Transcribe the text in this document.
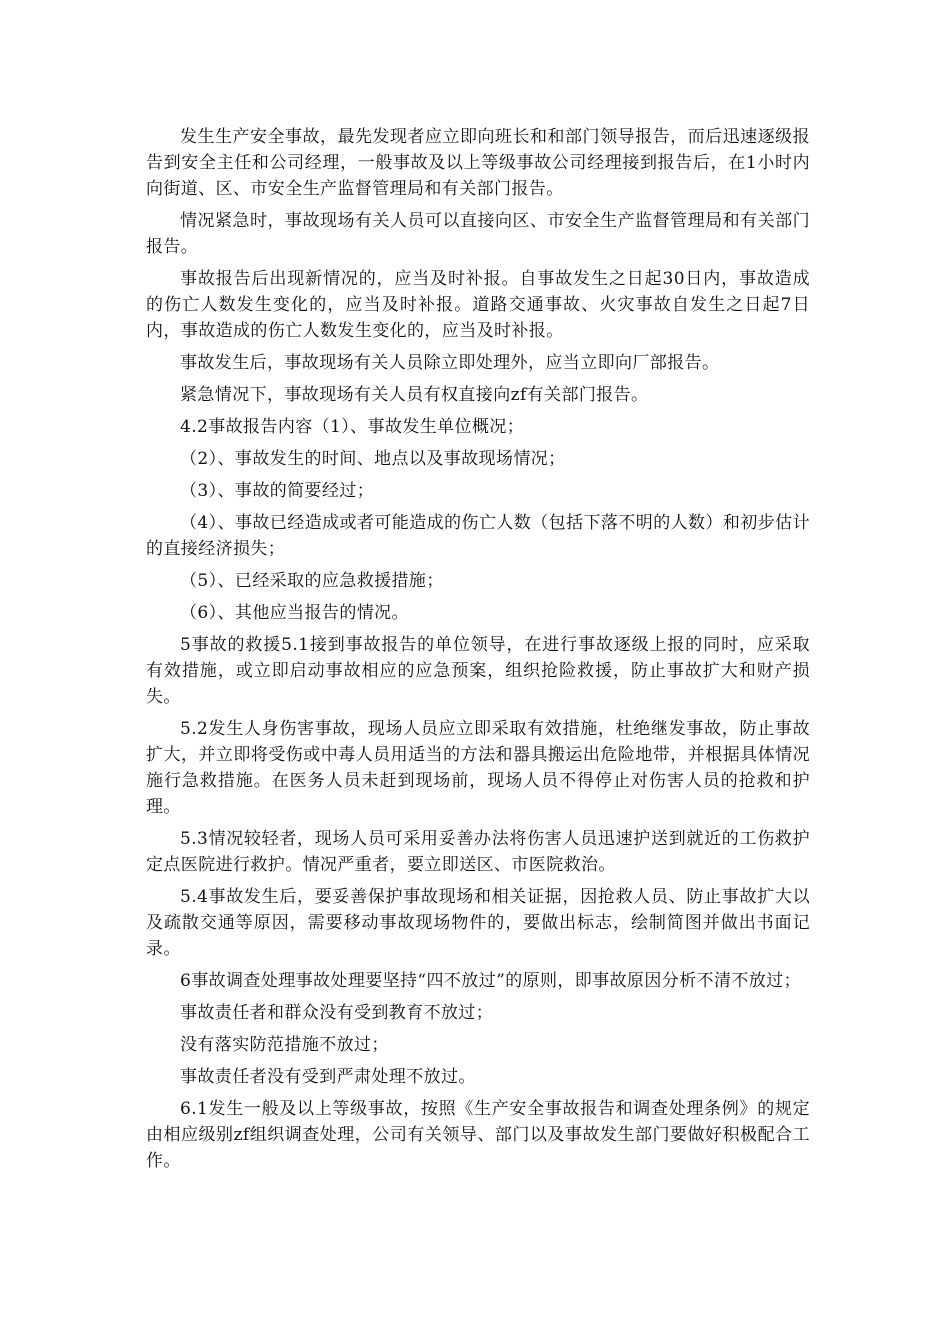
发生生产安全事故，最先发现者应立即向班长和和部门领导报告，而后迅速逐级报告到安全主任和公司经理，一般事故及以上等级事故公司经理接到报告后，在1小时内向街道、区、市安全生产监督管理局和有关部门报告。

情况紧急时，事故现场有关人员可以直接向区、市安全生产监督管理局和有关部门报告。

事故报告后出现新情况的，应当及时补报。自事故发生之日起30日内，事故造成的伤亡人数发生变化的，应当及时补报。道路交通事故、火灾事故自发生之日起7日内，事故造成的伤亡人数发生变化的，应当及时补报。

事故发生后，事故现场有关人员除立即处理外，应当立即向厂部报告。

紧急情况下，事故现场有关人员有权直接向zf有关部门报告。

4.2事故报告内容（1）、事故发生单位概况；

（2）、事故发生的时间、地点以及事故现场情况；

（3）、事故的简要经过；

（4）、事故已经造成或者可能造成的伤亡人数（包括下落不明的人数）和初步估计的直接经济损失；

（5）、已经采取的应急救援措施；

（6）、其他应当报告的情况。

5事故的救援5.1接到事故报告的单位领导，在进行事故逐级上报的同时，应采取有效措施，或立即启动事故相应的应急预案，组织抢险救援，防止事故扩大和财产损失。

5.2发生人身伤害事故，现场人员应立即采取有效措施，杜绝继发事故，防止事故扩大，并立即将受伤或中毒人员用适当的方法和器具搬运出危险地带，并根据具体情况施行急救措施。在医务人员未赶到现场前，现场人员不得停止对伤害人员的抢救和护理。

5.3情况较轻者，现场人员可采用妥善办法将伤害人员迅速护送到就近的工伤救护定点医院进行救护。情况严重者，要立即送区、市医院救治。

5.4事故发生后，要妥善保护事故现场和相关证据，因抢救人员、防止事故扩大以及疏散交通等原因，需要移动事故现场物件的，要做出标志，绘制简图并做出书面记录。

6事故调查处理事故处理要坚持“四不放过”的原则，即事故原因分析不清不放过；

事故责任者和群众没有受到教育不放过；

没有落实防范措施不放过；

事故责任者没有受到严肃处理不放过。

6.1发生一般及以上等级事故，按照《生产安全事故报告和调查处理条例》的规定由相应级别zf组织调查处理，公司有关领导、部门以及事故发生部门要做好积极配合工作。
